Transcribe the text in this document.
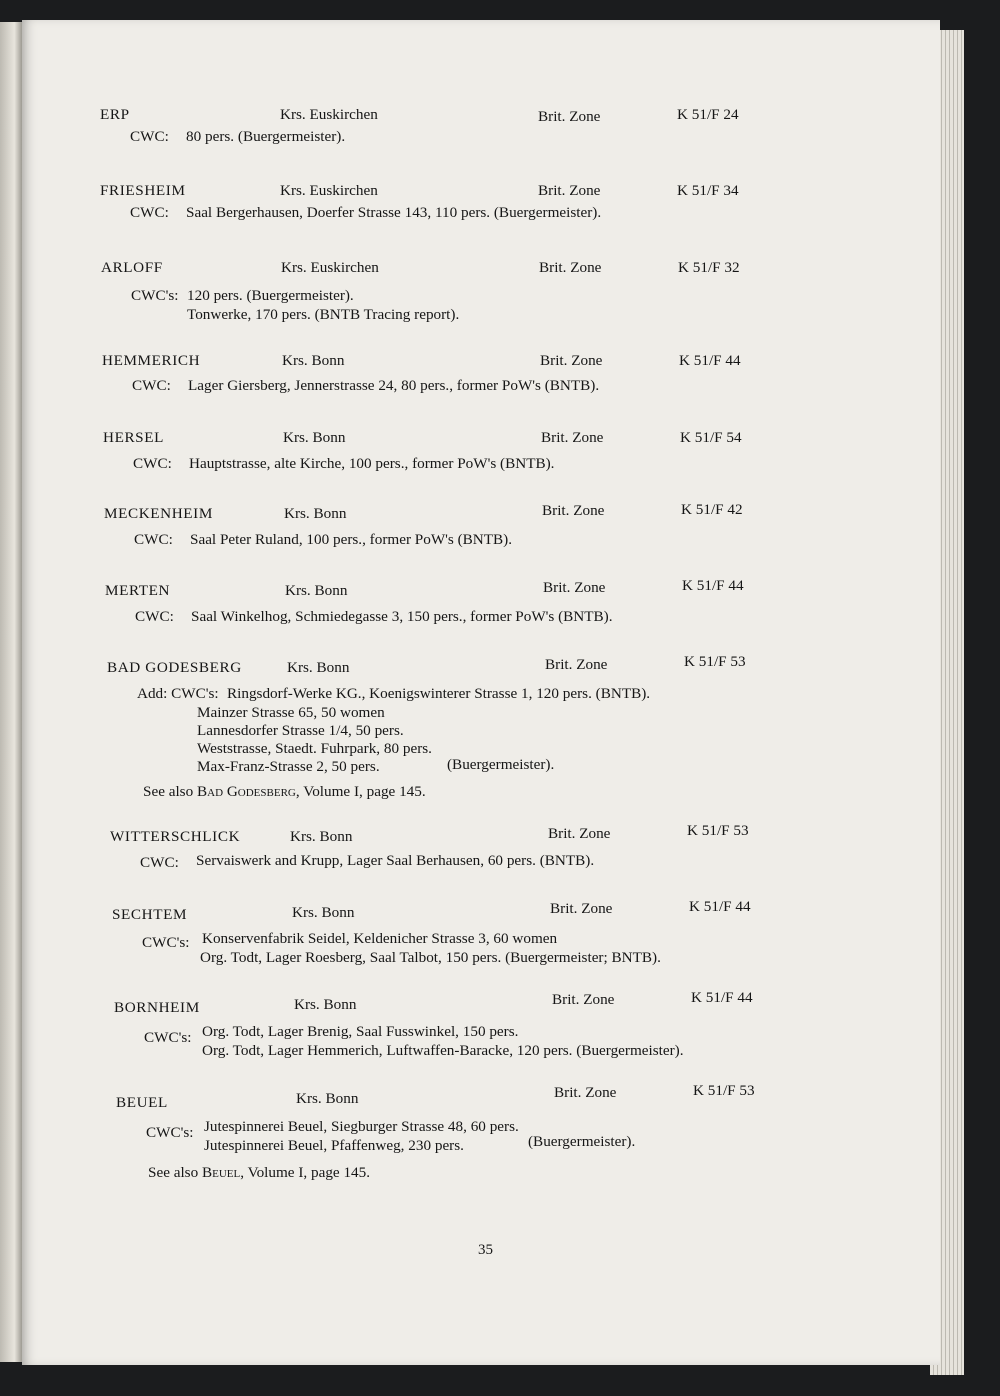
ERP	Krs. Euskirchen	Brit. Zone	K 51/F 24
CWC: 80 pers. (Buergermeister).
FRIESHEIM	Krs. Euskirchen	Brit. Zone	K 51/F 34
CWC: Saal Bergerhausen, Doerfer Strasse 143, 110 pers. (Buergermeister).
ARLOFF	Krs. Euskirchen	Brit. Zone	K 51/F 32
CWC's: 120 pers. (Buergermeister).
Tonwerke, 170 pers. (BNTB Tracing report).
HEMMERICH	Krs. Bonn	Brit. Zone	K 51/F 44
CWC: Lager Giersberg, Jennerstrasse 24, 80 pers., former PoW's (BNTB).
HERSEL	Krs. Bonn	Brit. Zone	K 51/F 54
CWC: Hauptstrasse, alte Kirche, 100 pers., former PoW's (BNTB).
MECKENHEIM	Krs. Bonn	Brit. Zone	K 51/F 42
CWC: Saal Peter Ruland, 100 pers., former PoW's (BNTB).
MERTEN	Krs. Bonn	Brit. Zone	K 51/F 44
CWC: Saal Winkelhog, Schmiedegasse 3, 150 pers., former PoW's (BNTB).
BAD GODESBERG	Krs. Bonn	Brit. Zone	K 51/F 53
Add: CWC's: Ringsdorf-Werke KG., Koenigswinterer Strasse 1, 120 pers. (BNTB).
Mainzer Strasse 65, 50 women
Lannesdorfer Strasse 1/4, 50 pers.
Weststrasse, Staedt. Fuhrpark, 80 pers.
Max-Franz-Strasse 2, 50 pers.	(Buergermeister).
See also Bad Godesberg, Volume I, page 145.
WITTERSCHLICK	Krs. Bonn	Brit. Zone	K 51/F 53
CWC: Servaiswerk and Krupp, Lager Saal Berhausen, 60 pers. (BNTB).
SECHTEM	Krs. Bonn	Brit. Zone	K 51/F 44
CWC's: Konservenfabrik Seidel, Keldenicher Strasse 3, 60 women
Org. Todt, Lager Roesberg, Saal Talbot, 150 pers. (Buergermeister; BNTB).
BORNHEIM	Krs. Bonn	Brit. Zone	K 51/F 44
CWC's: Org. Todt, Lager Brenig, Saal Fusswinkel, 150 pers.
Org. Todt, Lager Hemmerich, Luftwaffen-Baracke, 120 pers. (Buergermeister).
BEUEL	Krs. Bonn	Brit. Zone	K 51/F 53
CWC's: Jutespinnerei Beuel, Siegburger Strasse 48, 60 pers.
Jutespinnerei Beuel, Pfaffenweg, 230 pers.	(Buergermeister).
See also Beuel, Volume I, page 145.
35
